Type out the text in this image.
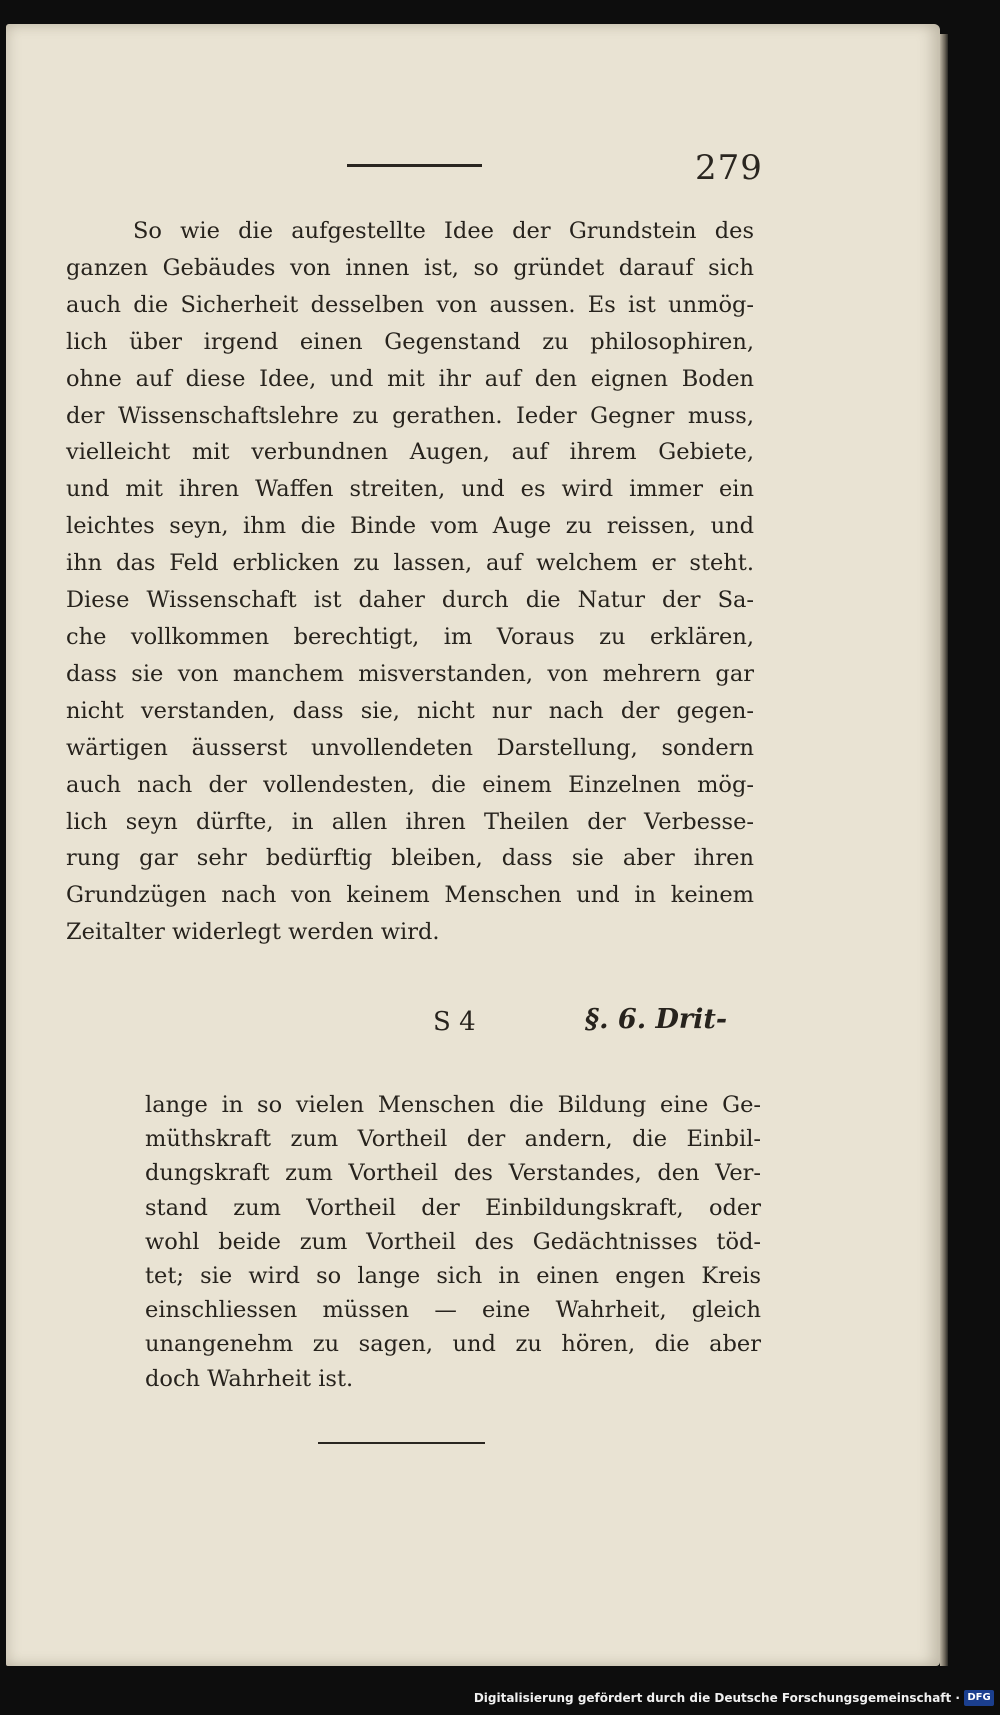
279
So wie die aufgestellte Idee der Grundstein des
ganzen Gebäudes von innen ist, so gründet darauf sich
auch die Sicherheit desselben von aussen. Es ist unmög-
lich über irgend einen Gegenstand zu philosophiren,
ohne auf diese Idee, und mit ihr auf den eignen Boden
der Wissenschaftslehre zu gerathen. Ieder Gegner muss,
vielleicht mit verbundnen Augen, auf ihrem Gebiete,
und mit ihren Waffen streiten, und es wird immer ein
leichtes seyn, ihm die Binde vom Auge zu reissen, und
ihn das Feld erblicken zu lassen, auf welchem er steht.
Diese Wissenschaft ist daher durch die Natur der Sa-
che vollkommen berechtigt, im Voraus zu erklären,
dass sie von manchem misverstanden, von mehrern gar
nicht verstanden, dass sie, nicht nur nach der gegen-
wärtigen äusserst unvollendeten Darstellung, sondern
auch nach der vollendesten, die einem Einzelnen mög-
lich seyn dürfte, in allen ihren Theilen der Verbesse-
rung gar sehr bedürftig bleiben, dass sie aber ihren
Grundzügen nach von keinem Menschen und in keinem
Zeitalter widerlegt werden wird.
S 4	§. 6. Drit-
lange in so vielen Menschen die Bildung eine Ge-
müthskraft zum Vortheil der andern, die Einbil-
dungskraft zum Vortheil des Verstandes, den Ver-
stand zum Vortheil der Einbildungskraft, oder
wohl beide zum Vortheil des Gedächtnisses töd-
tet; sie wird so lange sich in einen engen Kreis
einschliessen müssen — eine Wahrheit, gleich
unangenehm zu sagen, und zu hören, die aber
doch Wahrheit ist.
Digitalisierung gefördert durch die Deutsche Forschungsgemeinschaft · DFG
